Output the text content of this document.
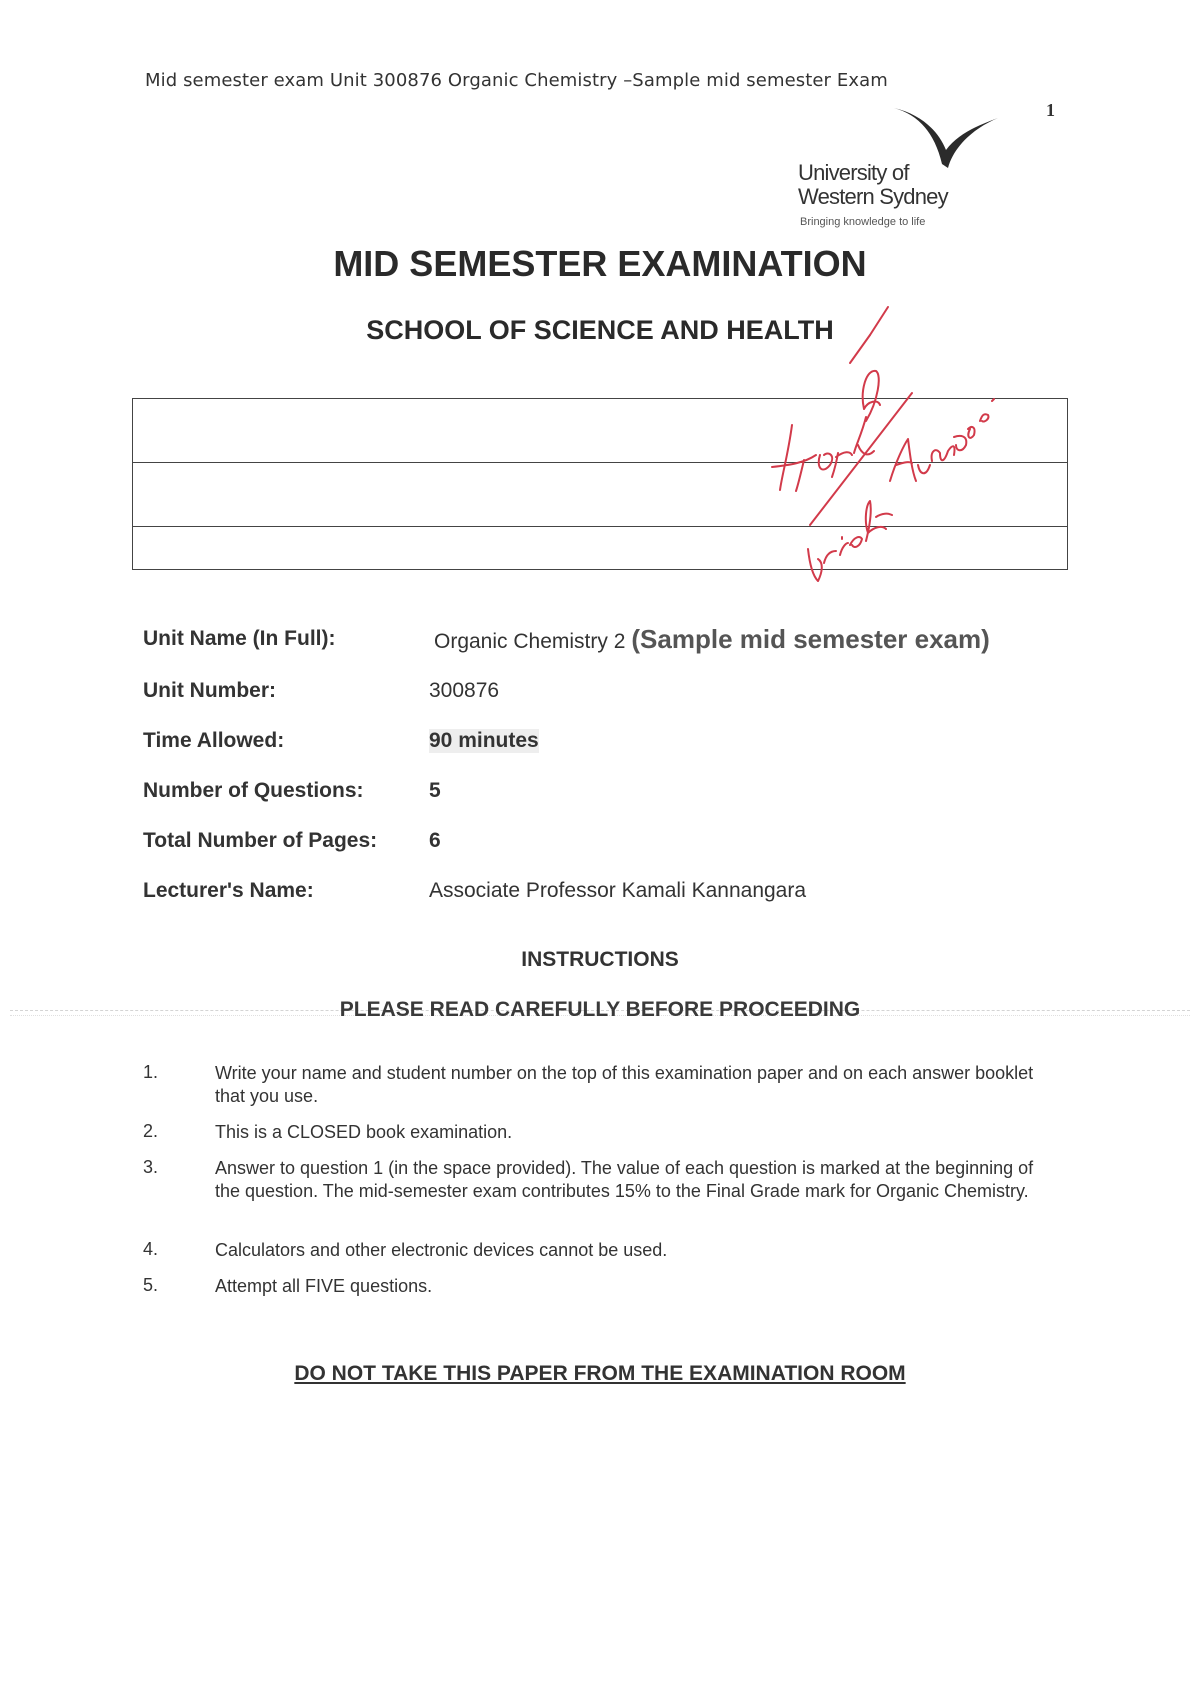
Mid semester exam Unit 300876 Organic Chemistry –Sample mid semester Exam
1
University of
Western Sydney
Bringing knowledge to life
MID SEMESTER EXAMINATION
SCHOOL OF SCIENCE AND HEALTH
Unit Name (In Full):	Organic Chemistry 2 (Sample mid semester exam)
Unit Number:	300876
Time Allowed:	90 minutes
Number of Questions:	5
Total Number of Pages: 6
Lecturer's Name:	Associate Professor Kamali Kannangara
INSTRUCTIONS
PLEASE READ CAREFULLY BEFORE PROCEEDING
1.	Write your name and student number on the top of this examination paper and on each answer booklet that you use.
2.	This is a CLOSED book examination.
3.	Answer to question 1 (in the space provided). The value of each question is marked at the beginning of the question. The mid-semester exam contributes 15% to the Final Grade mark for Organic Chemistry.
4.	Calculators and other electronic devices cannot be used.
5.	Attempt all FIVE questions.
DO NOT TAKE THIS PAPER FROM THE EXAMINATION ROOM
